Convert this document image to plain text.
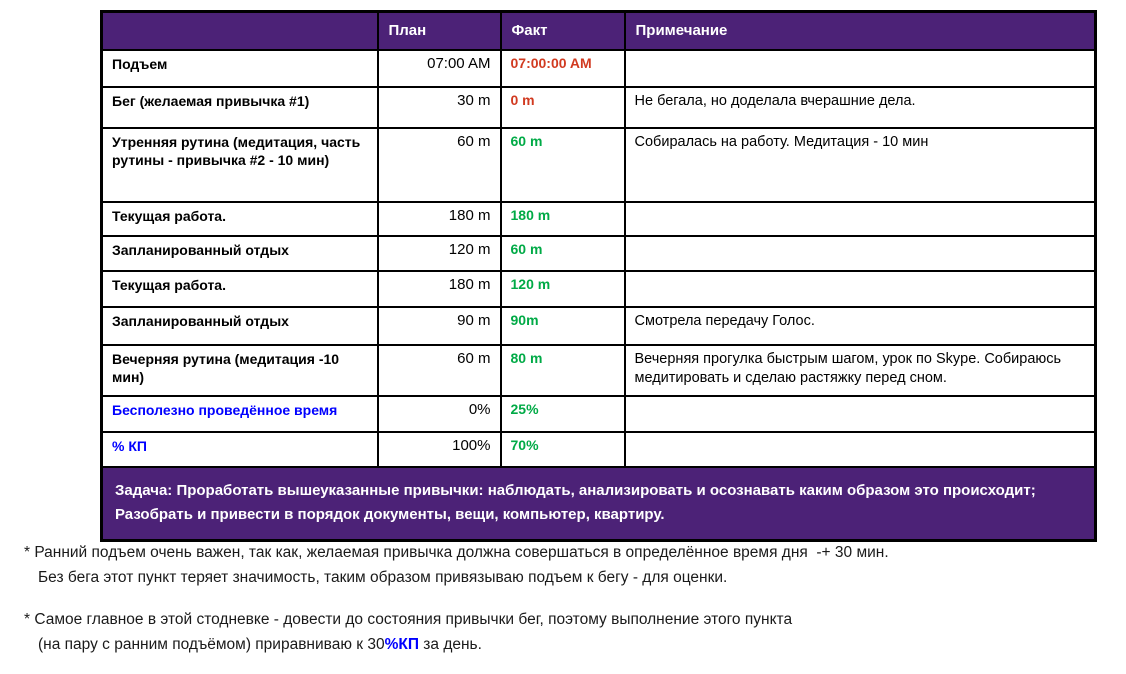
	План	Факт	Примечание
Подъем	07:00 AM	07:00:00 AM	
Бег (желаемая привычка #1)	30 m	0 m	Не бегала, но доделала вчерашние дела.
Утренняя рутина (медитация, часть рутины - привычка #2 - 10 мин)	60 m	60 m	Собиралась на работу. Медитация - 10 мин
Текущая работа.	180 m	180 m	
Запланированный отдых	120 m	60 m	
Текущая работа.	180 m	120 m	
Запланированный отдых	90 m	90m	Смотрела передачу Голос.
Вечерняя рутина (медитация -10 мин)	60 m	80 m	Вечерняя прогулка быстрым шагом, урок по Skype. Собираюсь медитировать и сделаю растяжку перед сном.
Бесполезно проведённое время	0%	25%	
% КП	100%	70%	
Задача: Проработать вышеуказанные привычки: наблюдать, анализировать и осознавать каким образом это происходит; Разобрать и привести в порядок документы, вещи, компьютер, квартиру.			
* Ранний подъем очень важен, так как, желаемая привычка должна совершаться в определённое время дня  -+ 30 мин.
Без бега этот пункт теряет значимость, таким образом привязываю подъем к бегу - для оценки.
* Самое главное в этой стодневке - довести до состояния привычки бег, поэтому выполнение этого пункта
(на пару с ранним подъёмом) приравниваю к 30%КП за день.
